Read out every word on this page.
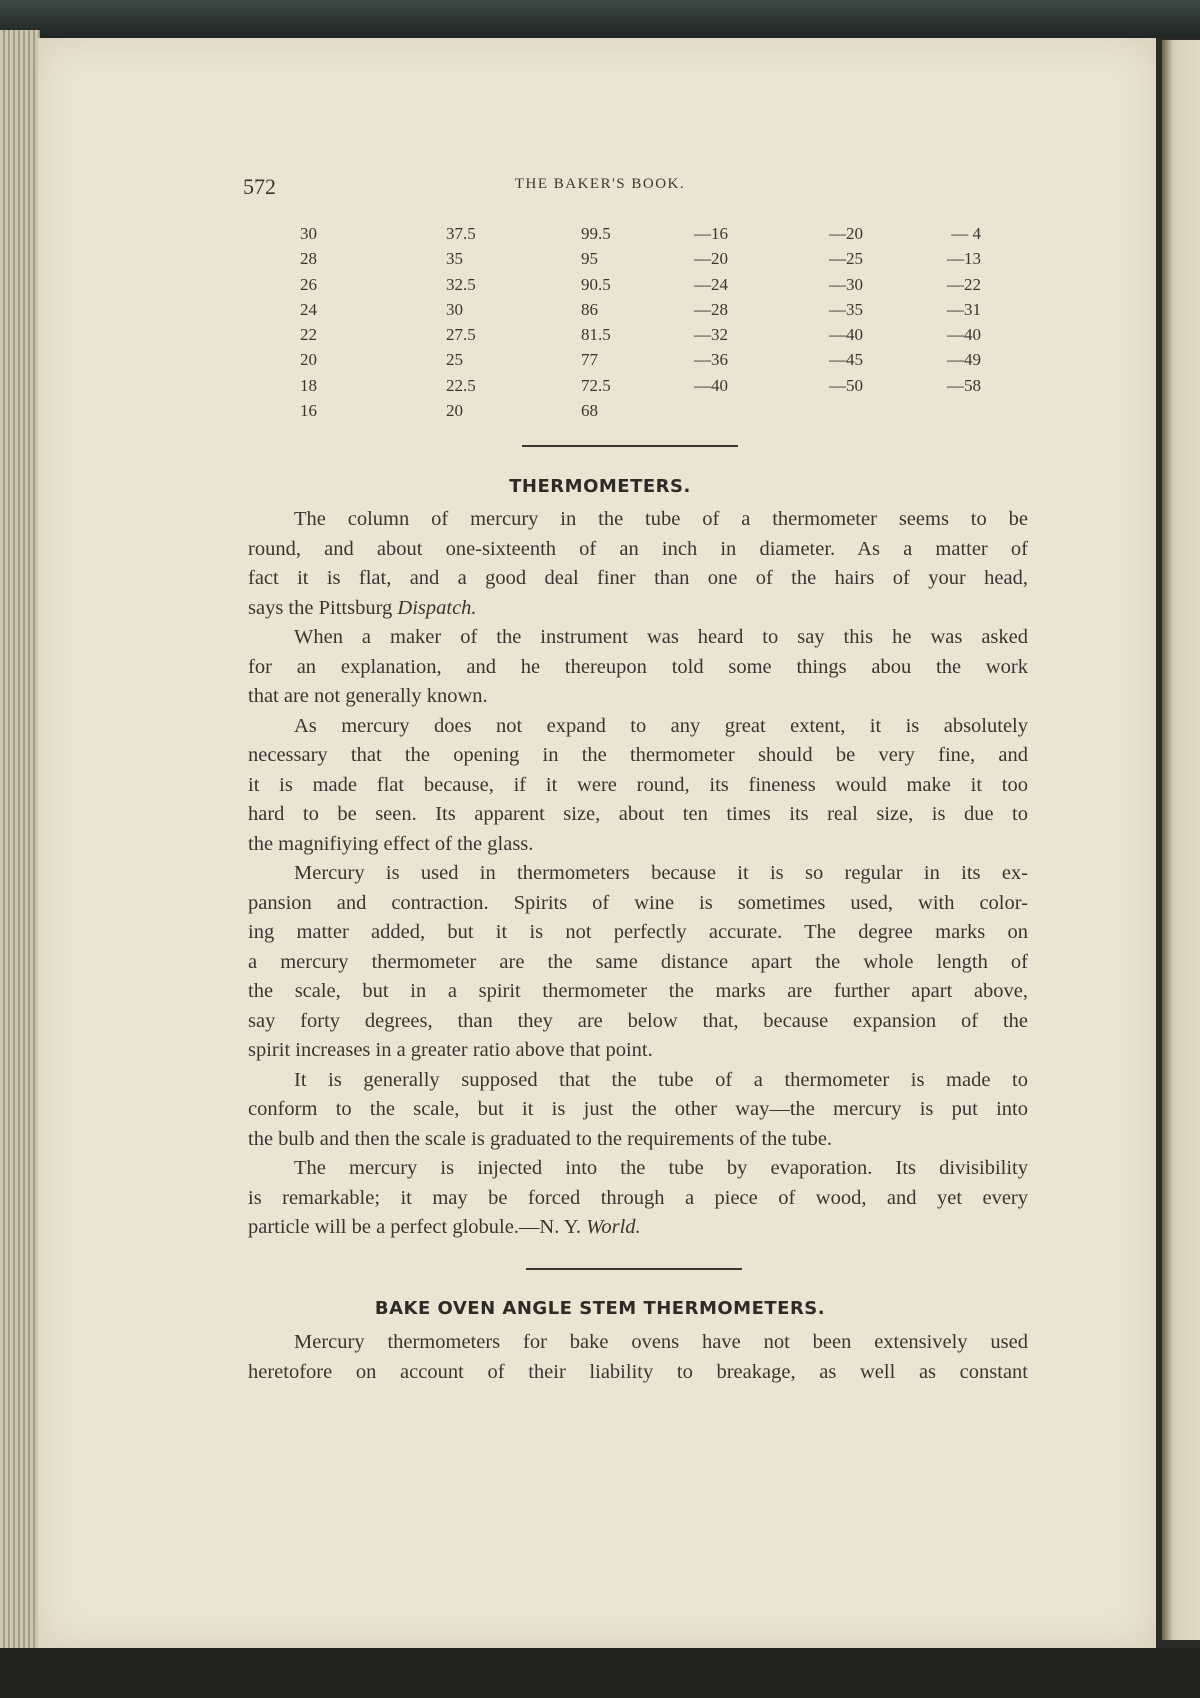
572	THE BAKER'S BOOK.
30	37.5	99.5	—16	—20	— 4
28	35	95	—20	—25	—13
26	32.5	90.5	—24	—30	—22
24	30	86	—28	—35	—31
22	27.5	81.5	—32	—40	—40
20	25	77	—36	—45	—49
18	22.5	72.5	—40	—50	—58
16	20	68
THERMOMETERS.
The column of mercury in the tube of a thermometer seems to be
round, and about one-sixteenth of an inch in diameter. As a matter of
fact it is flat, and a good deal finer than one of the hairs of your head,
says the Pittsburg Dispatch.
When a maker of the instrument was heard to say this he was asked
for an explanation, and he thereupon told some things abou the work
that are not generally known.
As mercury does not expand to any great extent, it is absolutely
necessary that the opening in the thermometer should be very fine, and
it is made flat because, if it were round, its fineness would make it too
hard to be seen. Its apparent size, about ten times its real size, is due to
the magnifiying effect of the glass.
Mercury is used in thermometers because it is so regular in its ex-
pansion and contraction. Spirits of wine is sometimes used, with color-
ing matter added, but it is not perfectly accurate. The degree marks on
a mercury thermometer are the same distance apart the whole length of
the scale, but in a spirit thermometer the marks are further apart above,
say forty degrees, than they are below that, because expansion of the
spirit increases in a greater ratio above that point.
It is generally supposed that the tube of a thermometer is made to
conform to the scale, but it is just the other way—the mercury is put into
the bulb and then the scale is graduated to the requirements of the tube.
The mercury is injected into the tube by evaporation. Its divisibility
is remarkable; it may be forced through a piece of wood, and yet every
particle will be a perfect globule.—N. Y. World.
BAKE OVEN ANGLE STEM THERMOMETERS.
Mercury thermometers for bake ovens have not been extensively used
heretofore on account of their liability to breakage, as well as constant
